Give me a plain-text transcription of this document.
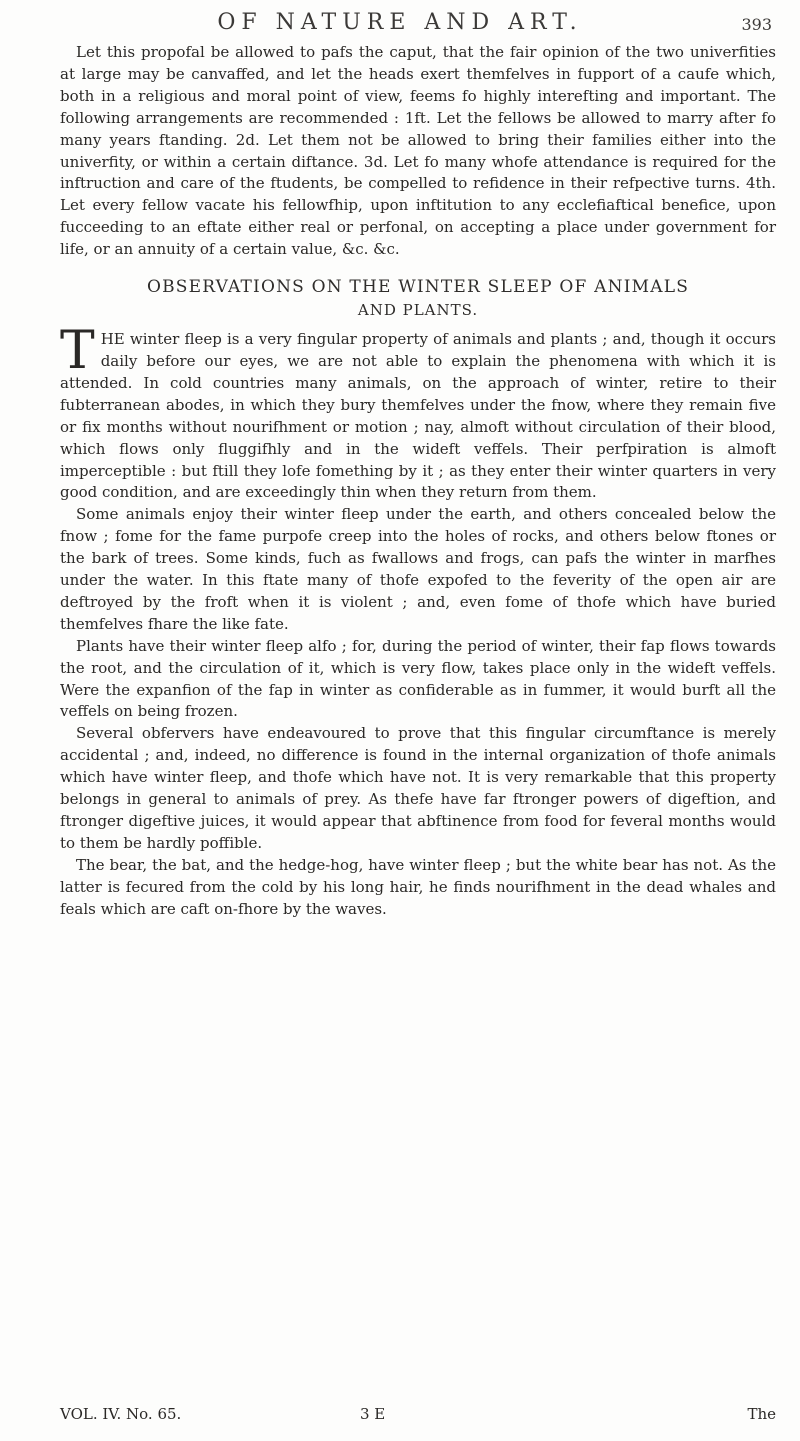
OF NATURE AND ART.	393

Let this propofal be allowed to pafs the caput, that the fair opinion of the two univerfities at large may be canvaffed, and let the heads exert themfelves in fupport of a caufe which, both in a religious and moral point of view, feems fo highly interefting and important. The following arrangements are recommended : 1ft. Let the fellows be allowed to marry after fo many years ftanding. 2d. Let them not be allowed to bring their families either into the univerfity, or within a certain diftance. 3d. Let fo many whofe attendance is required for the inftruction and care of the ftudents, be compelled to refidence in their refpective turns. 4th. Let every fellow vacate his fellowfhip, upon inftitution to any ecclefiaftical benefice, upon fucceeding to an eftate either real or perfonal, on accepting a place under government for life, or an annuity of a certain value, &c. &c.

OBSERVATIONS ON THE WINTER SLEEP OF ANIMALS
AND PLANTS.

THE winter fleep is a very fingular property of animals and plants ; and, though it occurs daily before our eyes, we are not able to explain the phenomena with which it is attended. In cold countries many animals, on the approach of winter, retire to their fubterranean abodes, in which they bury themfelves under the fnow, where they remain five or fix months without nourifhment or motion ; nay, almoft without circulation of their blood, which flows only fluggifhly and in the wideft veffels. Their perfpiration is almoft imperceptible : but ftill they lofe fomething by it ; as they enter their winter quarters in very good condition, and are exceedingly thin when they return from them.

Some animals enjoy their winter fleep under the earth, and others concealed below the fnow ; fome for the fame purpofe creep into the holes of rocks, and others below ftones or the bark of trees. Some kinds, fuch as fwallows and frogs, can pafs the winter in marfhes under the water. In this ftate many of thofe expofed to the feverity of the open air are deftroyed by the froft when it is violent ; and, even fome of thofe which have buried themfelves fhare the like fate.

Plants have their winter fleep alfo ; for, during the period of winter, their fap flows towards the root, and the circulation of it, which is very flow, takes place only in the wideft veffels. Were the expanfion of the fap in winter as confiderable as in fummer, it would burft all the veffels on being frozen.

Several obfervers have endeavoured to prove that this fingular circumftance is merely accidental ; and, indeed, no difference is found in the internal organization of thofe animals which have winter fleep, and thofe which have not. It is very remarkable that this property belongs in general to animals of prey. As thefe have far ftronger powers of digeftion, and ftronger digeftive juices, it would appear that abftinence from food for feveral months would to them be hardly poffible.

The bear, the bat, and the hedge-hog, have winter fleep ; but the white bear has not. As the latter is fecured from the cold by his long hair, he finds nourifhment in the dead whales and feals which are caft on-fhore by the waves.

VOL. IV. No. 65.	3 E	The
